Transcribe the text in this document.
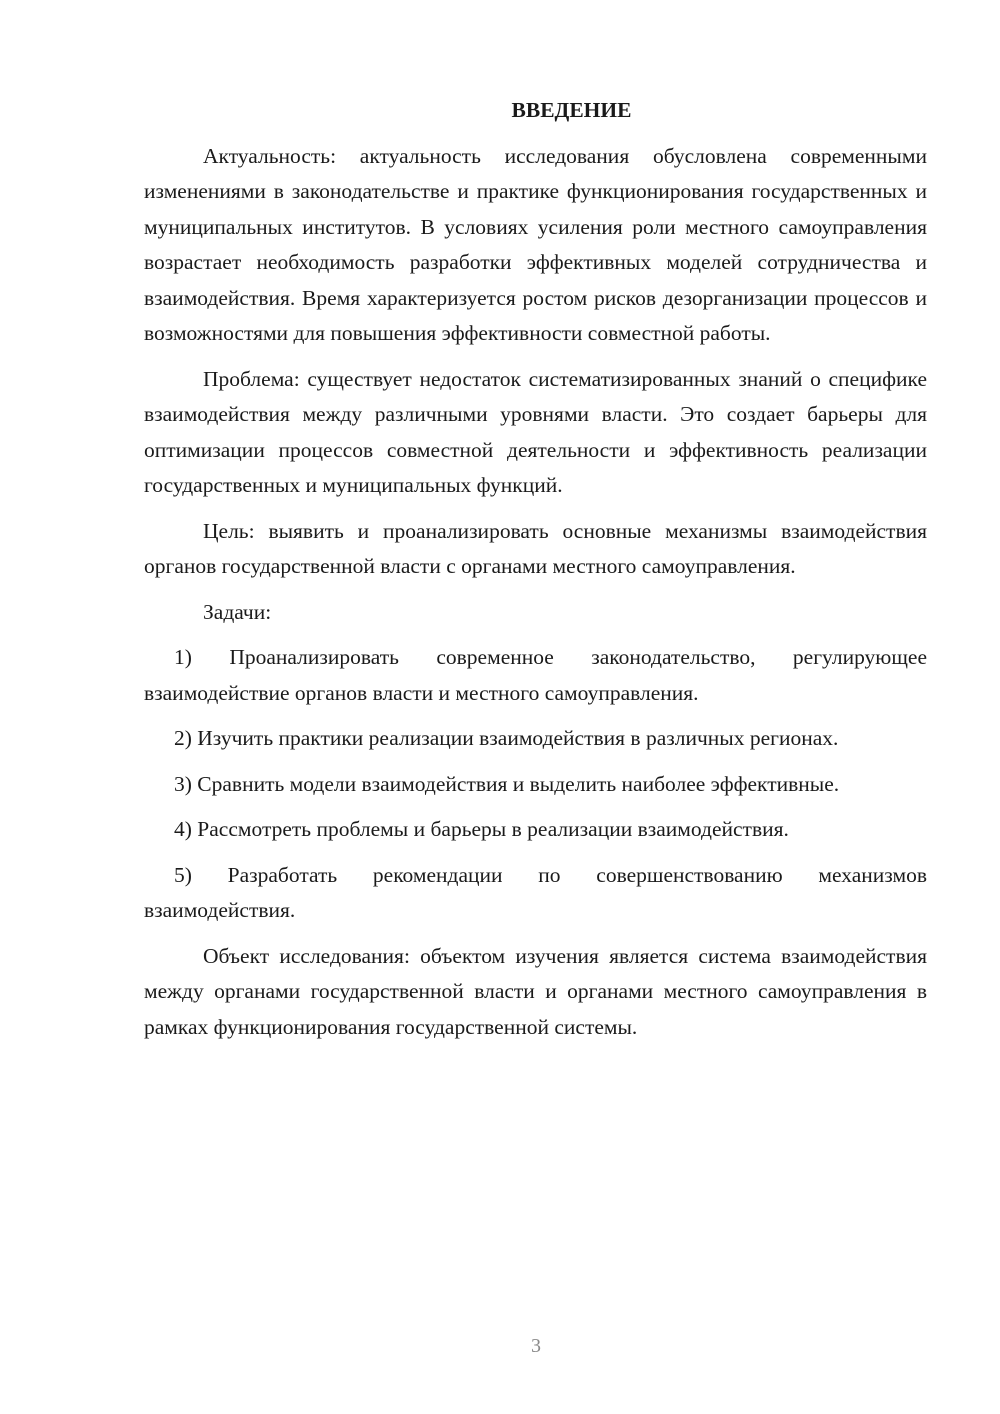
ВВЕДЕНИЕ

Актуальность: актуальность исследования обусловлена современными изменениями в законодательстве и практике функционирования государственных и муниципальных институтов. В условиях усиления роли местного самоуправления возрастает необходимость разработки эффективных моделей сотрудничества и взаимодействия. Время характеризуется ростом рисков дезорганизации процессов и возможностями для повышения эффективности совместной работы.

Проблема: существует недостаток систематизированных знаний о специфике взаимодействия между различными уровнями власти. Это создает барьеры для оптимизации процессов совместной деятельности и эффективность реализации государственных и муниципальных функций.

Цель: выявить и проанализировать основные механизмы взаимодействия органов государственной власти с органами местного самоуправления.

Задачи:

1) Проанализировать современное законодательство, регулирующее взаимодействие органов власти и местного самоуправления.

2) Изучить практики реализации взаимодействия в различных регионах.

3) Сравнить модели взаимодействия и выделить наиболее эффективные.

4) Рассмотреть проблемы и барьеры в реализации взаимодействия.

5) Разработать рекомендации по совершенствованию механизмов взаимодействия.

Объект исследования: объектом изучения является система взаимодействия между органами государственной власти и органами местного самоуправления в рамках функционирования государственной системы.

3
